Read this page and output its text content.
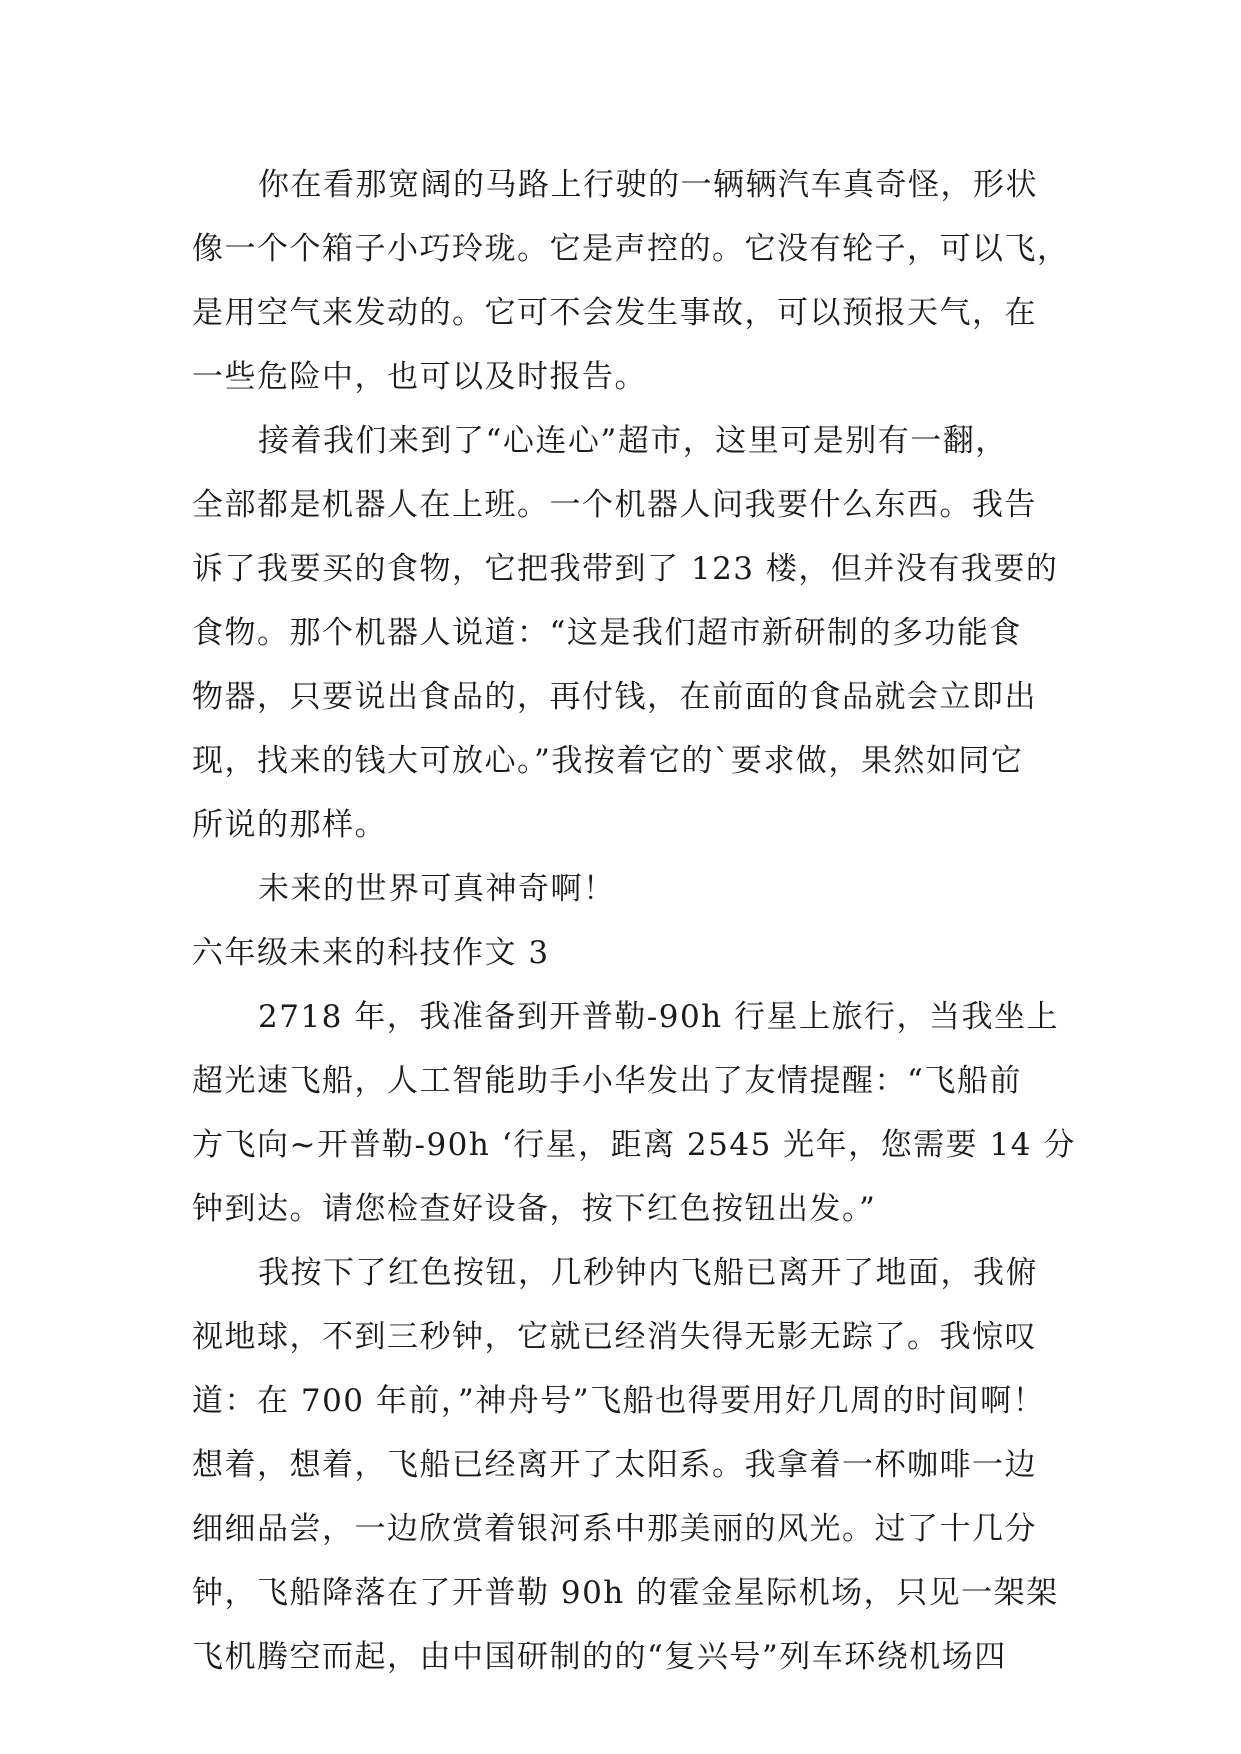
你在看那宽阔的马路上行驶的一辆辆汽车真奇怪，形状
像一个个箱子小巧玲珑。它是声控的。它没有轮子，可以飞，
是用空气来发动的。它可不会发生事故，可以预报天气，在
一些危险中，也可以及时报告。
接着我们来到了“心连心”超市，这里可是别有一翻，
全部都是机器人在上班。一个机器人问我要什么东西。我告
诉了我要买的食物，它把我带到了 123 楼，但并没有我要的
食物。那个机器人说道：“这是我们超市新研制的多功能食
物器，只要说出食品的，再付钱，在前面的食品就会立即出
现，找来的钱大可放心。”我按着它的`要求做，果然如同它
所说的那样。
未来的世界可真神奇啊！
六年级未来的科技作文 3
2718 年，我准备到开普勒-90h 行星上旅行，当我坐上
超光速飞船，人工智能助手小华发出了友情提醒：“飞船前
方飞向~开普勒-90h ‘行星，距离 2545 光年，您需要 14 分
钟到达。请您检查好设备，按下红色按钮出发。”
我按下了红色按钮，几秒钟内飞船已离开了地面，我俯
视地球，不到三秒钟，它就已经消失得无影无踪了。我惊叹
道：在 700 年前，”神舟号”飞船也得要用好几周的时间啊！
想着，想着，飞船已经离开了太阳系。我拿着一杯咖啡一边
细细品尝，一边欣赏着银河系中那美丽的风光。过了十几分
钟，飞船降落在了开普勒 90h 的霍金星际机场，只见一架架
飞机腾空而起，由中国研制的的“复兴号”列车环绕机场四
